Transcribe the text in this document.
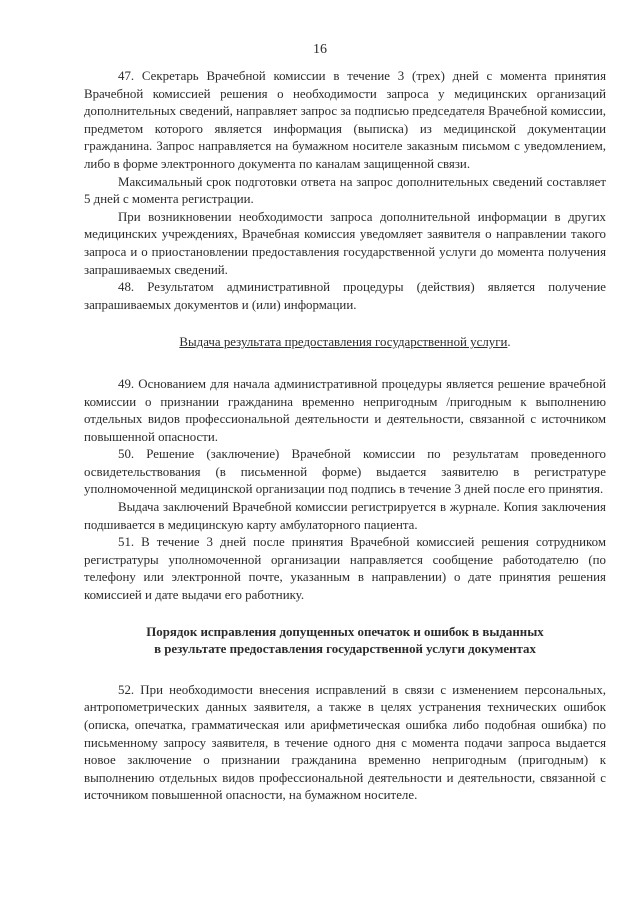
16

47. Секретарь Врачебной комиссии в течение 3 (трех) дней с момента принятия Врачебной комиссией решения о необходимости запроса у медицинских организаций дополнительных сведений, направляет запрос за подписью председателя Врачебной комиссии, предметом которого является информация (выписка) из медицинской документации гражданина. Запрос направляется на бумажном носителе заказным письмом с уведомлением, либо в форме электронного документа по каналам защищенной связи.

Максимальный срок подготовки ответа на запрос дополнительных сведений составляет 5 дней с момента регистрации.

При возникновении необходимости запроса дополнительной информации в других медицинских учреждениях, Врачебная комиссия уведомляет заявителя о направлении такого запроса и о приостановлении предоставления государственной услуги до момента получения запрашиваемых сведений.

48. Результатом административной процедуры (действия) является получение запрашиваемых документов и (или) информации.

Выдача результата предоставления государственной услуги.

49. Основанием для начала административной процедуры является решение врачебной комиссии о признании гражданина временно непригодным /пригодным к выполнению отдельных видов профессиональной деятельности и деятельности, связанной с источником повышенной опасности.

50. Решение (заключение) Врачебной комиссии по результатам проведенного освидетельствования (в письменной форме) выдается заявителю в регистратуре уполномоченной медицинской организации под подпись в течение 3 дней после его принятия.

Выдача заключений Врачебной комиссии регистрируется в журнале. Копия заключения подшивается в медицинскую карту амбулаторного пациента.

51. В течение 3 дней после принятия Врачебной комиссией решения сотрудником регистратуры уполномоченной организации направляется сообщение работодателю (по телефону или электронной почте, указанным в направлении) о дате принятия решения комиссией и дате выдачи его работнику.

Порядок исправления допущенных опечаток и ошибок в выданных
в результате предоставления государственной услуги документах

52. При необходимости внесения исправлений в связи с изменением персональных, антропометрических данных заявителя, а также в целях устранения технических ошибок (описка, опечатка, грамматическая или арифметическая ошибка либо подобная ошибка) по письменному запросу заявителя, в течение одного дня с момента подачи запроса выдается новое заключение о признании гражданина временно непригодным (пригодным) к выполнению отдельных видов профессиональной деятельности и деятельности, связанной с источником повышенной опасности, на бумажном носителе.
